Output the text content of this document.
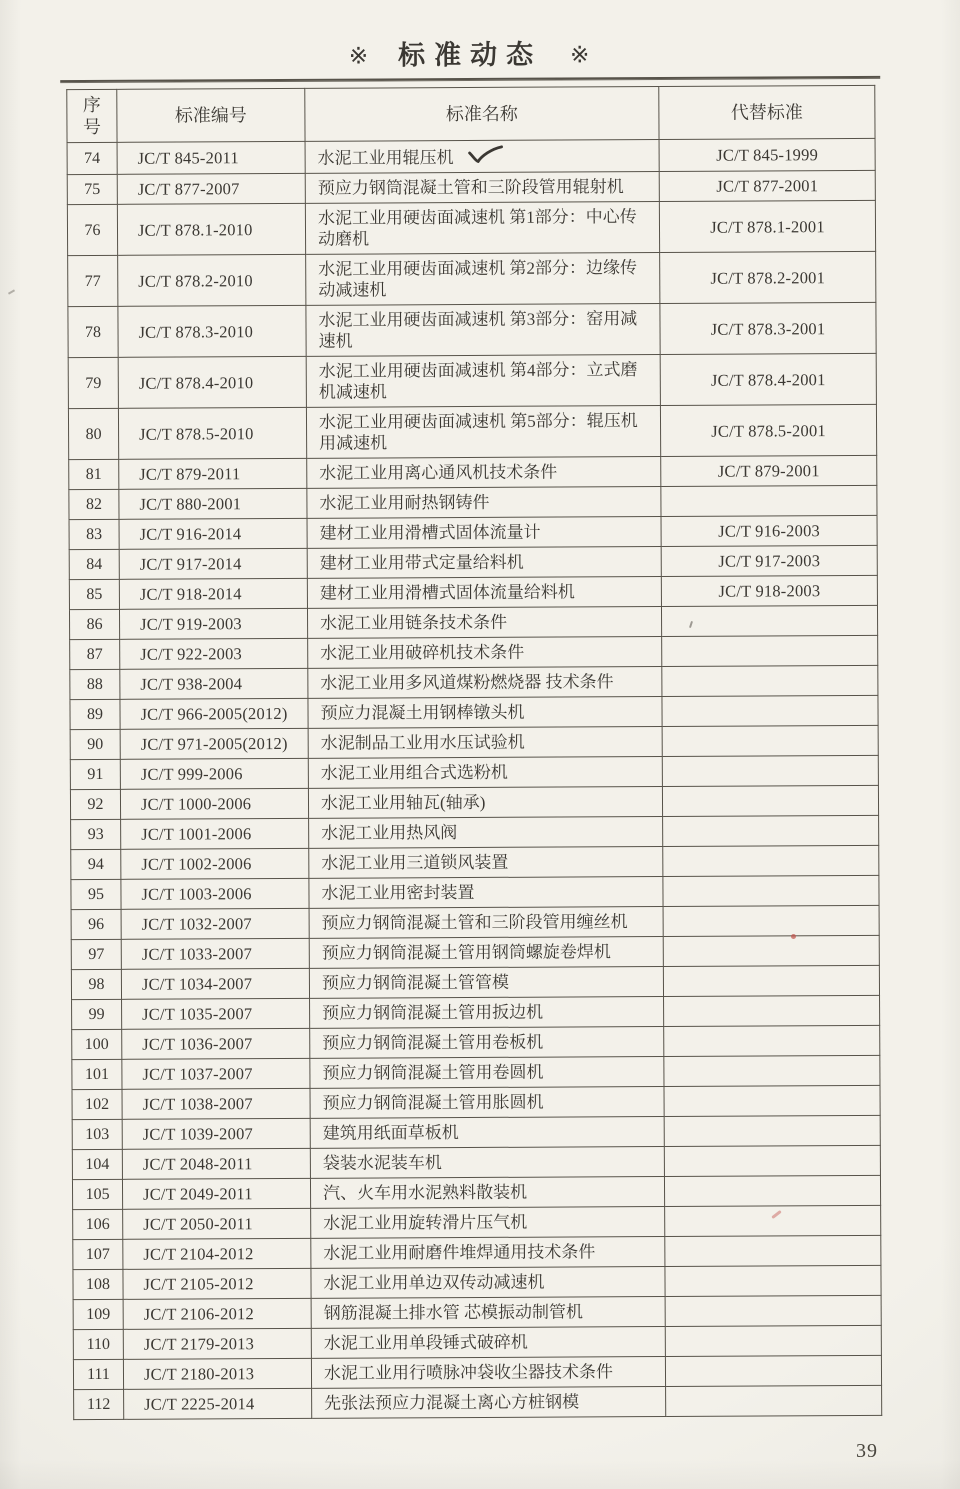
※ 标准动态 ※
序号	标准编号	标准名称	代替标准
74	JC/T 845-2011	水泥工业用辊压机	JC/T 845-1999
75	JC/T 877-2007	预应力钢筒混凝土管和三阶段管用辊射机	JC/T 877-2001
76	JC/T 878.1-2010	水泥工业用硬齿面减速机 第1部分：中心传动磨机	JC/T 878.1-2001
77	JC/T 878.2-2010	水泥工业用硬齿面减速机 第2部分：边缘传动减速机	JC/T 878.2-2001
78	JC/T 878.3-2010	水泥工业用硬齿面减速机 第3部分：窑用减速机	JC/T 878.3-2001
79	JC/T 878.4-2010	水泥工业用硬齿面减速机 第4部分：立式磨机减速机	JC/T 878.4-2001
80	JC/T 878.5-2010	水泥工业用硬齿面减速机 第5部分：辊压机用减速机	JC/T 878.5-2001
81	JC/T 879-2011	水泥工业用离心通风机技术条件	JC/T 879-2001
82	JC/T 880-2001	水泥工业用耐热钢铸件	
83	JC/T 916-2014	建材工业用滑槽式固体流量计	JC/T 916-2003
84	JC/T 917-2014	建材工业用带式定量给料机	JC/T 917-2003
85	JC/T 918-2014	建材工业用滑槽式固体流量给料机	JC/T 918-2003
86	JC/T 919-2003	水泥工业用链条技术条件	
87	JC/T 922-2003	水泥工业用破碎机技术条件	
88	JC/T 938-2004	水泥工业用多风道煤粉燃烧器 技术条件	
89	JC/T 966-2005(2012)	预应力混凝土用钢棒镦头机	
90	JC/T 971-2005(2012)	水泥制品工业用水压试验机	
91	JC/T 999-2006	水泥工业用组合式选粉机	
92	JC/T 1000-2006	水泥工业用轴瓦(轴承)	
93	JC/T 1001-2006	水泥工业用热风阀	
94	JC/T 1002-2006	水泥工业用三道锁风装置	
95	JC/T 1003-2006	水泥工业用密封装置	
96	JC/T 1032-2007	预应力钢筒混凝土管和三阶段管用缠丝机	
97	JC/T 1033-2007	预应力钢筒混凝土管用钢筒螺旋卷焊机	
98	JC/T 1034-2007	预应力钢筒混凝土管管模	
99	JC/T 1035-2007	预应力钢筒混凝土管用扳边机	
100	JC/T 1036-2007	预应力钢筒混凝土管用卷板机	
101	JC/T 1037-2007	预应力钢筒混凝土管用卷圆机	
102	JC/T 1038-2007	预应力钢筒混凝土管用胀圆机	
103	JC/T 1039-2007	建筑用纸面草板机	
104	JC/T 2048-2011	袋装水泥装车机	
105	JC/T 2049-2011	汽、火车用水泥熟料散装机	
106	JC/T 2050-2011	水泥工业用旋转滑片压气机	
107	JC/T 2104-2012	水泥工业用耐磨件堆焊通用技术条件	
108	JC/T 2105-2012	水泥工业用单边双传动减速机	
109	JC/T 2106-2012	钢筋混凝土排水管 芯模振动制管机	
110	JC/T 2179-2013	水泥工业用单段锤式破碎机	
111	JC/T 2180-2013	水泥工业用行喷脉冲袋收尘器技术条件	
112	JC/T 2225-2014	先张法预应力混凝土离心方桩钢模	
39
